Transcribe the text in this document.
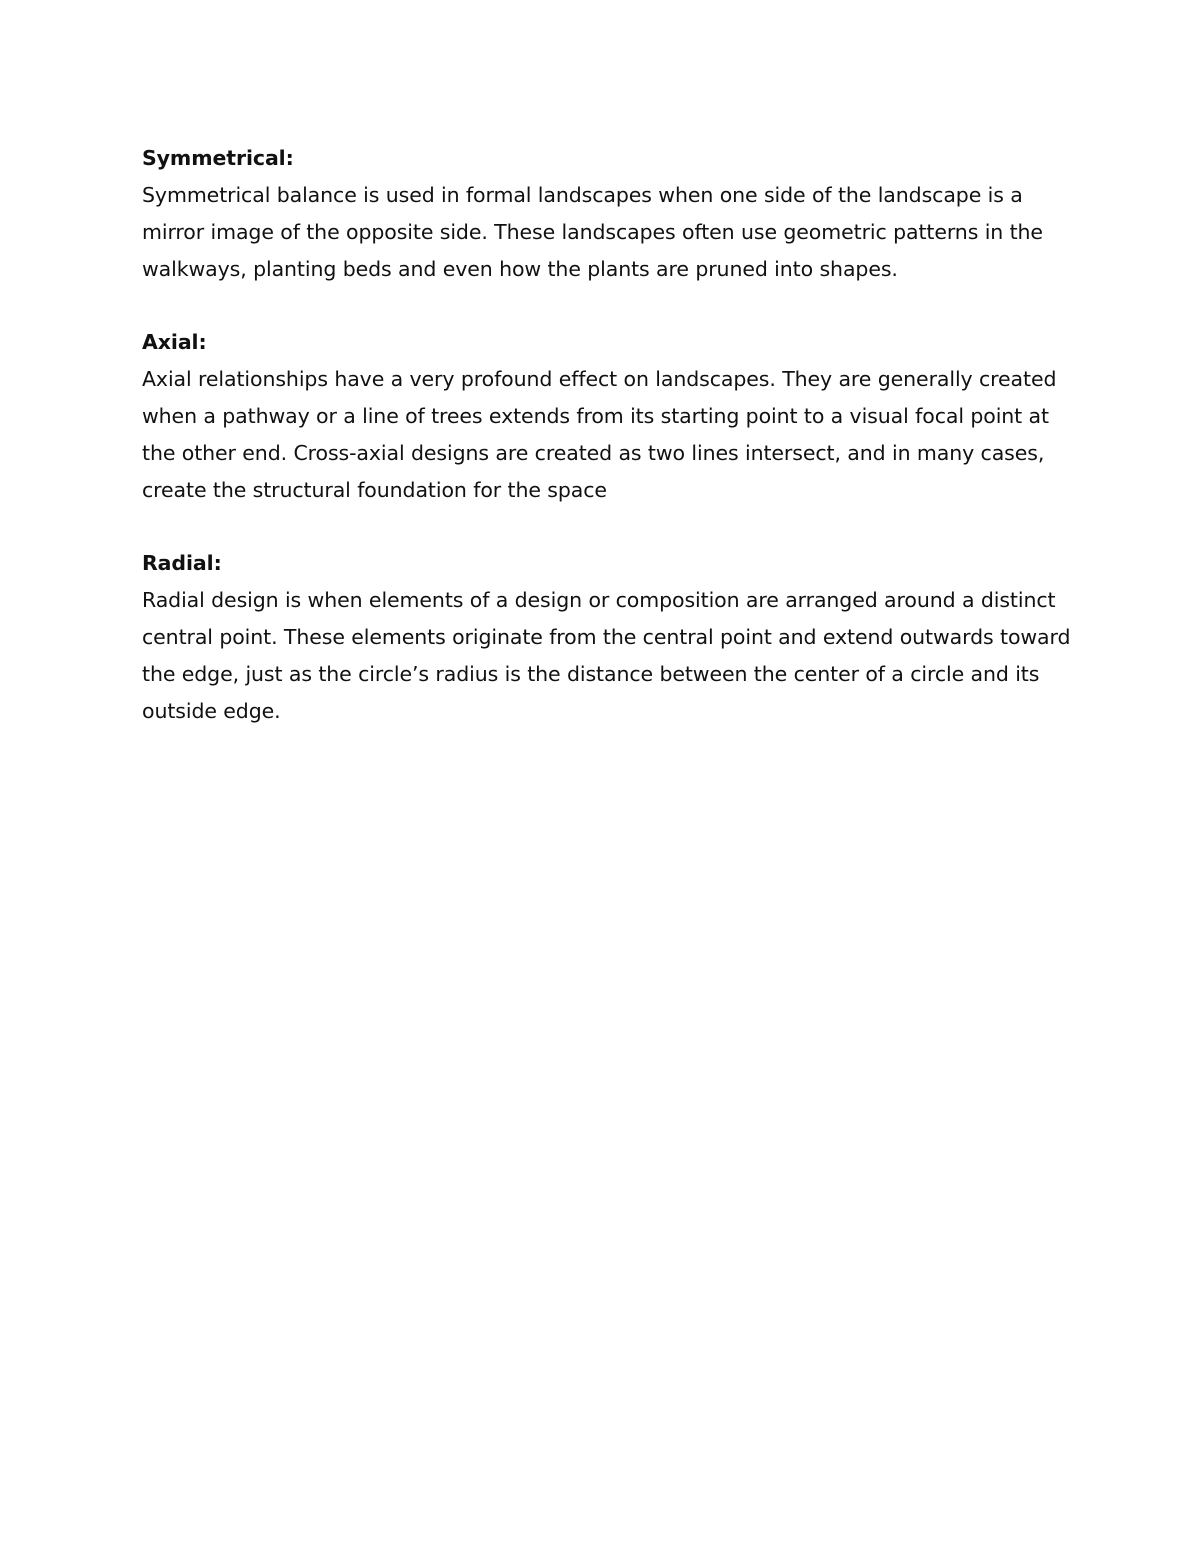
Symmetrical:

Symmetrical balance is used in formal landscapes when one side of the landscape is a mirror image of the opposite side. These landscapes often use geometric patterns in the walkways, planting beds and even how the plants are pruned into shapes.

Axial:

Axial relationships have a very profound effect on landscapes. They are generally created when a pathway or a line of trees extends from its starting point to a visual focal point at the other end. Cross-axial designs are created as two lines intersect, and in many cases, create the structural foundation for the space

Radial:

Radial design is when elements of a design or composition are arranged around a distinct central point. These elements originate from the central point and extend outwards toward the edge, just as the circle’s radius is the distance between the center of a circle and its outside edge.
